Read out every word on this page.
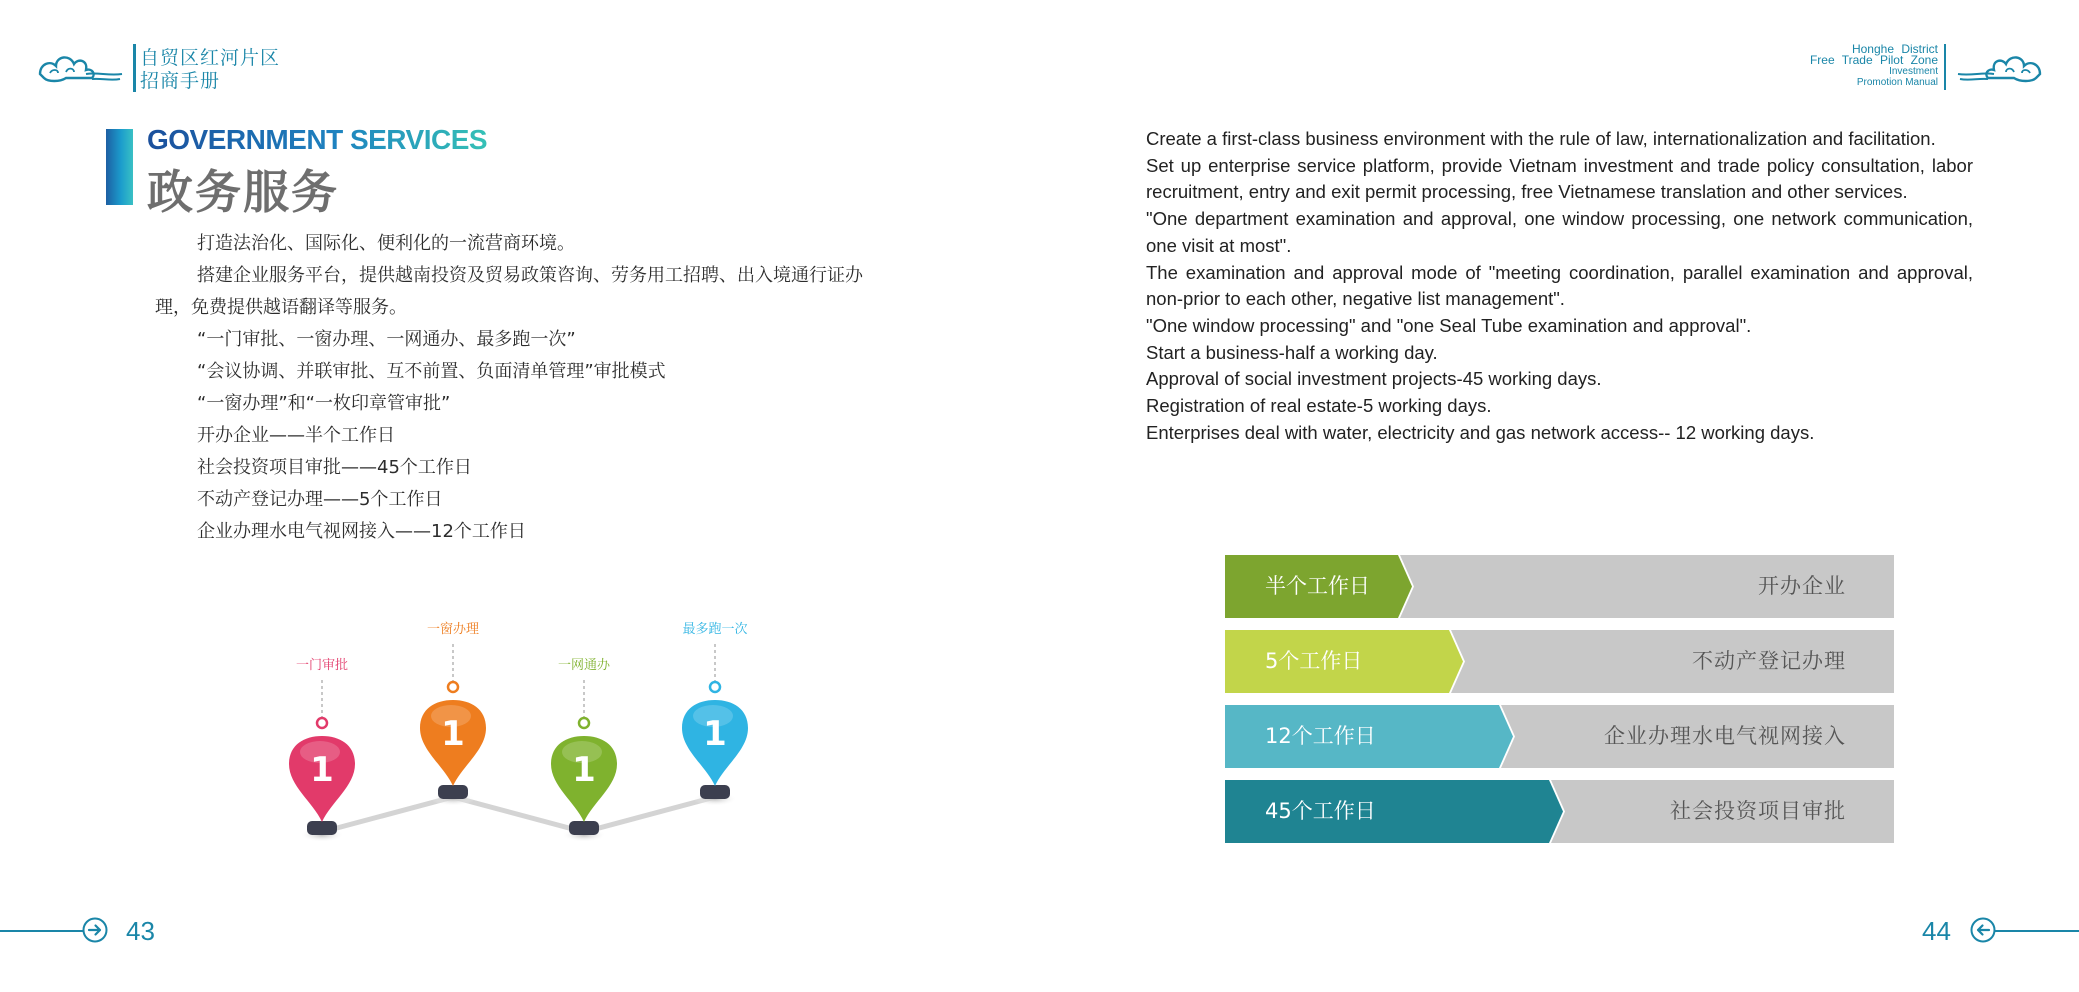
自贸区红河片区
招商手册
Honghe District
Free Trade Pilot Zone
Investment
Promotion Manual
GOVERNMENT SERVICES
政务服务

打造法治化、国际化、便利化的一流营商环境。

搭建企业服务平台，提供越南投资及贸易政策咨询、劳务用工招聘、出入境通行证办理，免费提供越语翻译等服务。

“一门审批、一窗办理、一网通办、最多跑一次”

“会议协调、并联审批、互不前置、负面清单管理”审批模式

“一窗办理”和“一枚印章管审批”

开办企业——半个工作日

社会投资项目审批——45个工作日

不动产登记办理——5个工作日

企业办理水电气视网接入——12个工作日

一门审批
1
一窗办理
1
一网通办
1
最多跑一次
1

Create a first-class business environment with the rule of law, internationalization and facilitation.

Set up enterprise service platform, provide Vietnam investment and trade policy consultation, labor recruitment, entry and exit permit processing, free Vietnamese translation and other services.

"One department examination and approval, one window processing, one network communication, one visit at most".

The examination and approval mode of "meeting coordination, parallel examination and approval, non-prior to each other, negative list management".

"One window processing" and "one Seal Tube examination and approval".

Start a business-half a working day.

Approval of social investment projects-45 working days.

Registration of real estate-5 working days.

Enterprises deal with water, electricity and gas network access-- 12 working days.

半个工作日	开办企业
5个工作日	不动产登记办理
12个工作日	企业办理水电气视网接入
45个工作日	社会投资项目审批
43	44
